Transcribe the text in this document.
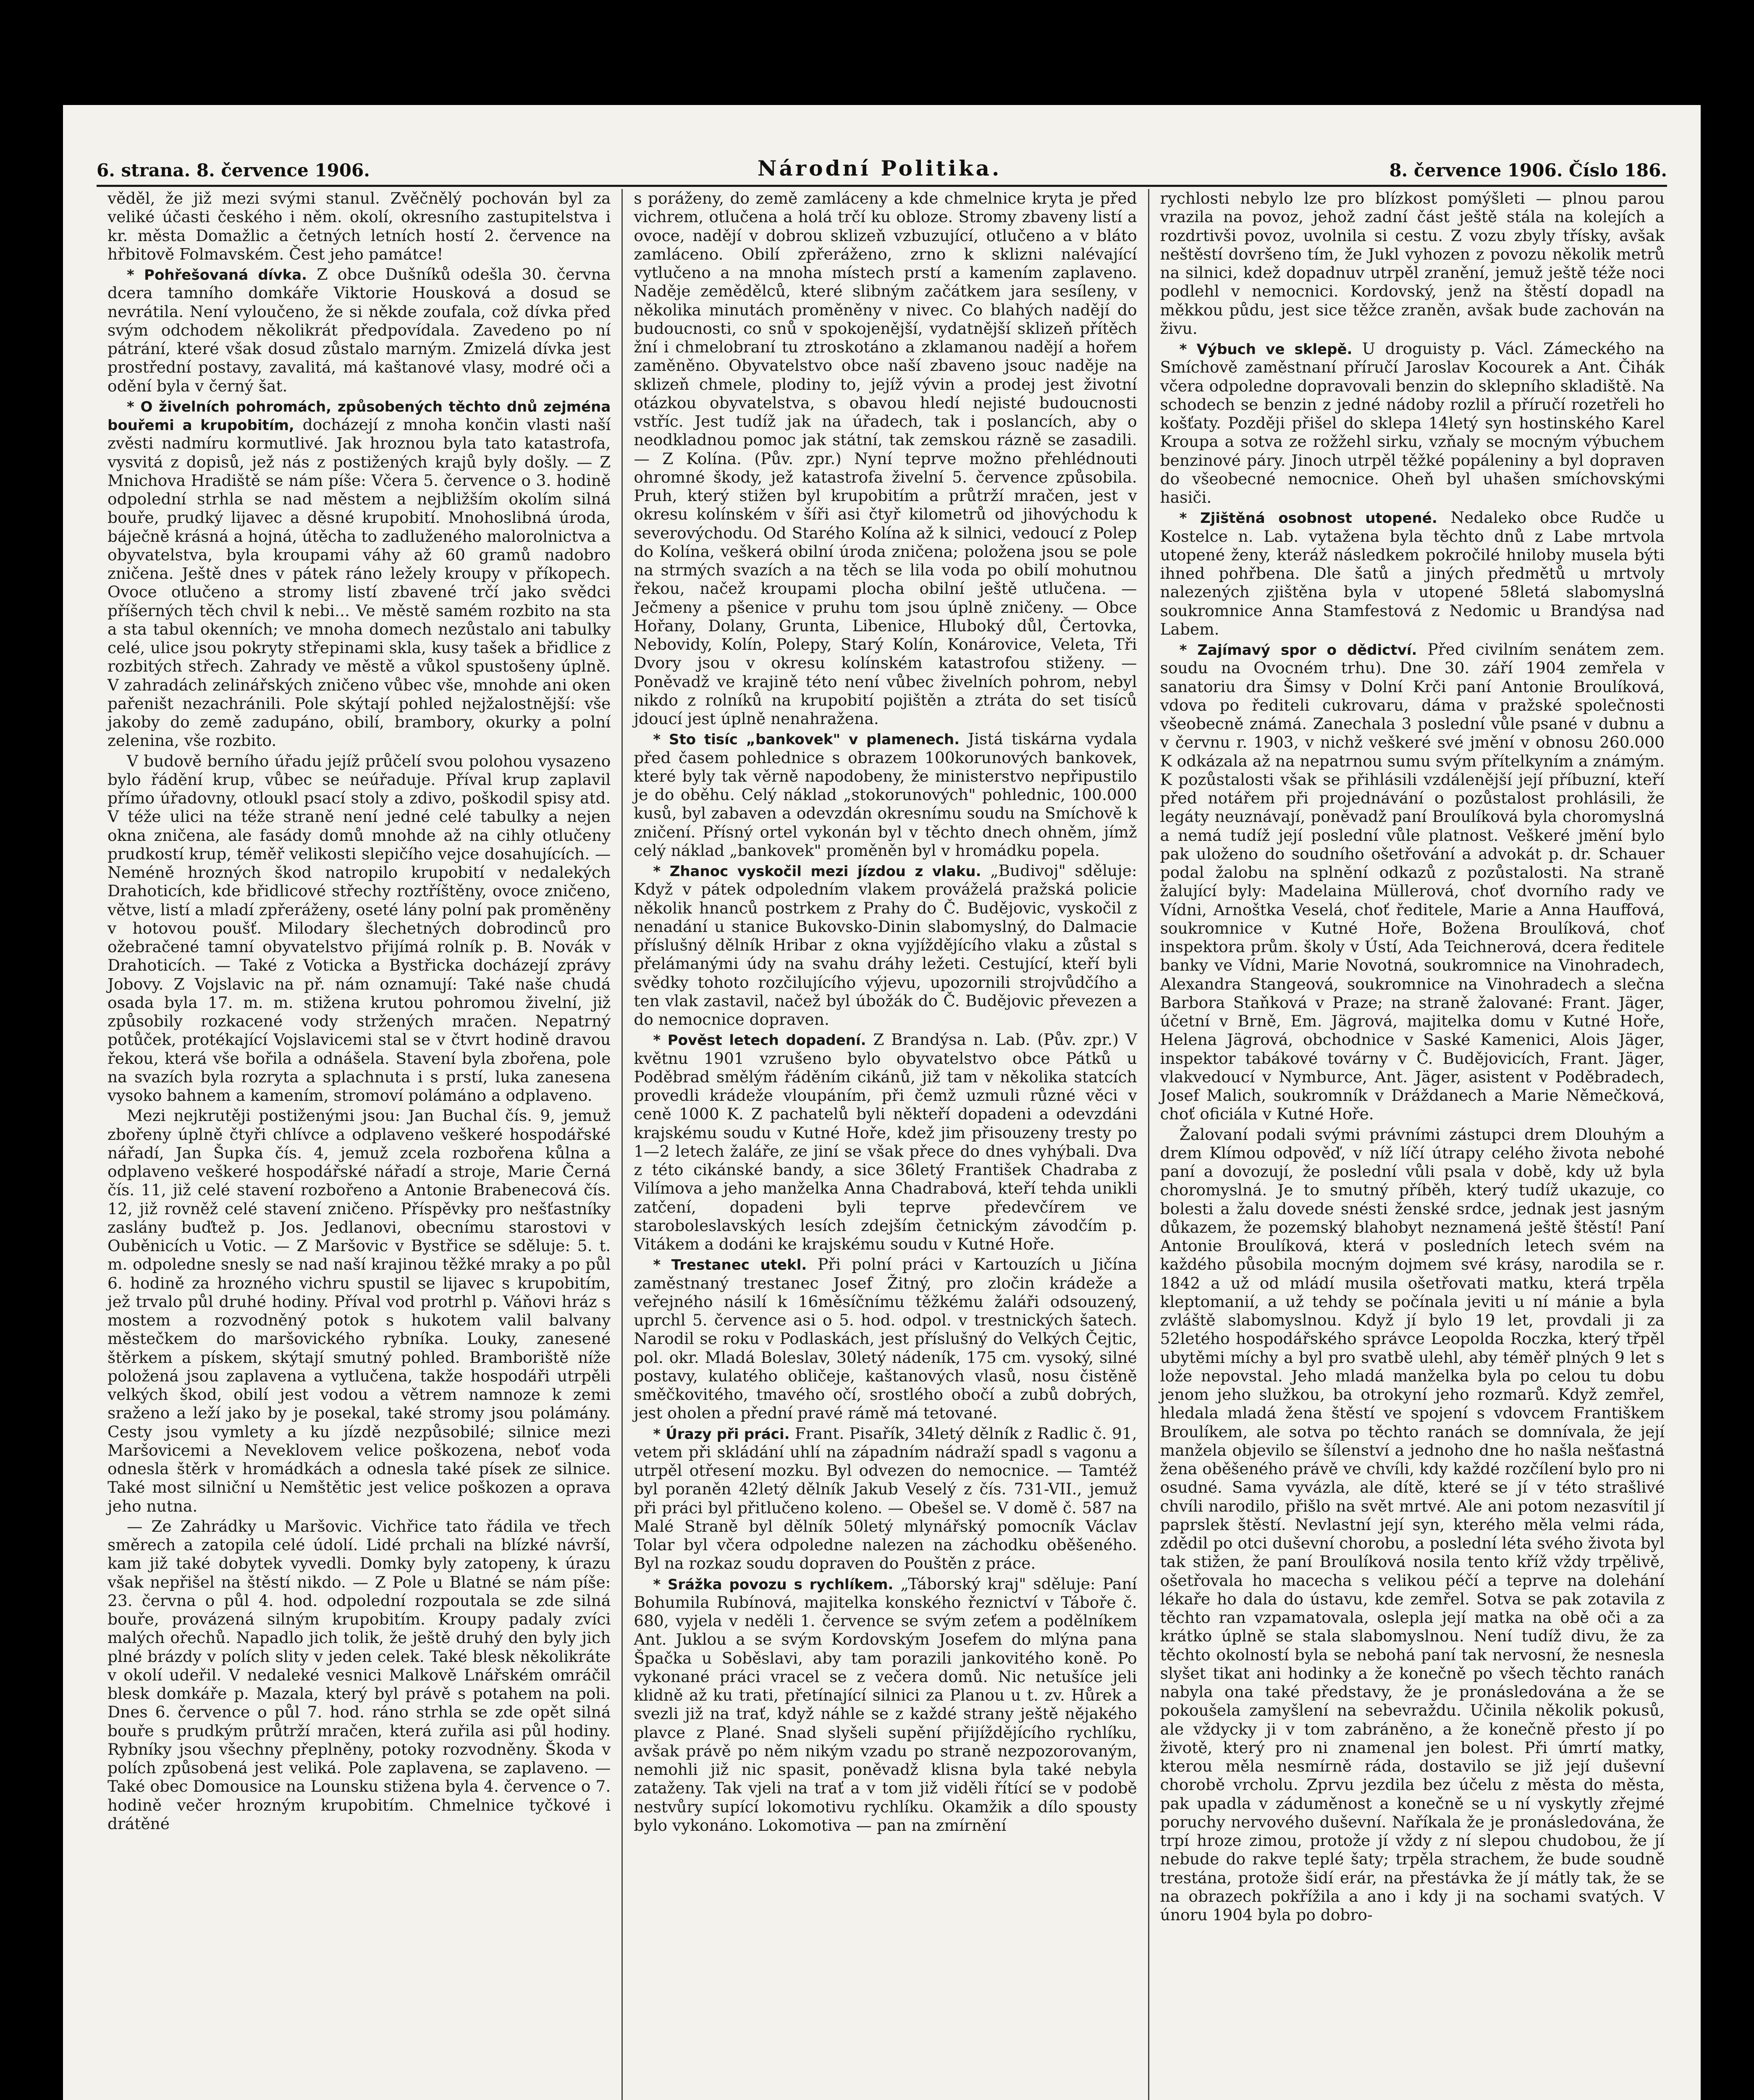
6. strana. 8. července 1906.	Národní Politika.	8. července 1906. Číslo 186.

věděl, že již mezi svými stanul. Zvěčnělý pochován byl za veliké účasti českého i něm. okolí, okresního zastupitelstva i kr. města Domažlic a četných letních hostí 2. července na hřbitově Folmavském. Čest jeho památce!

* Pohřešovaná dívka. Z obce Dušníků odešla 30. června dcera tamního domkáře Viktorie Housková a dosud se nevrátila. Není vyloučeno, že si někde zoufala, což dívka před svým odchodem několikrát předpovídala. Zavedeno po ní pátrání, které však dosud zůstalo marným. Zmizelá dívka jest prostřední postavy, zavalitá, má kaštanové vlasy, modré oči a odění byla v černý šat.

* O živelních pohromách, způsobených těchto dnů zejména bouřemi a krupobitím, docházejí z mnoha končin vlasti naší zvěsti nadmíru kormutlivé. Jak hroznou byla tato katastrofa, vysvitá z dopisů, jež nás z postižených krajů byly došly. — Z Mnichova Hradiště se nám píše: Včera 5. července o 3. hodině odpolední strhla se nad městem a nejbližším okolím silná bouře, prudký lijavec a děsné krupobití. Mnohoslibná úroda, báječně krásná a hojná, útěcha to zadluženého malorolnictva a obyvatelstva, byla kroupami váhy až 60 gramů nadobro zničena. Ještě dnes v pátek ráno ležely kroupy v příkopech. Ovoce otlučeno a stromy listí zbavené trčí jako svědci příšerných těch chvil k nebi... Ve městě samém rozbito na sta a sta tabul okenních; ve mnoha domech nezůstalo ani tabulky celé, ulice jsou pokryty střepinami skla, kusy tašek a břidlice z rozbitých střech. Zahrady ve městě a vůkol spustošeny úplně. V zahradách zelinářských zničeno vůbec vše, mnohde ani oken pařeništ nezachránili. Pole skýtají pohled nejžalostnější: vše jakoby do země zadupáno, obilí, brambory, okurky a polní zelenina, vše rozbito.

V budově berního úřadu jejíž průčelí svou polohou vysazeno bylo řádění krup, vůbec se neúřaduje. Příval krup zaplavil přímo úřadovny, otloukl psací stoly a zdivo, poškodil spisy atd. V téže ulici na téže straně není jedné celé tabulky a nejen okna zničena, ale fasády domů mnohde až na cihly otlučeny prudkostí krup, téměř velikosti slepičího vejce dosahujících. — Neméně hrozných škod natropilo krupobití v nedalekých Drahoticích, kde břidlicové střechy roztříštěny, ovoce zničeno, větve, listí a mladí zpřeráženy, oseté lány polní pak proměněny v hotovou poušť. Milodary šlechetných dobrodinců pro ožebračené tamní obyvatelstvo přijímá rolník p. B. Novák v Drahoticích. — Také z Voticka a Bystřicka docházejí zprávy Jobovy. Z Vojslavic na př. nám oznamují: Také naše chudá osada byla 17. m. m. stižena krutou pohromou živelní, již způsobily rozkacené vody stržených mračen. Nepatrný potůček, protékající Vojslavicemi stal se v čtvrt hodině dravou řekou, která vše bořila a odnášela. Stavení byla zbořena, pole na svazích byla rozryta a splachnuta i s prstí, luka zanesena vysoko bahnem a kamením, stromoví polámáno a odplaveno.

Mezi nejkrutěji postiženými jsou: Jan Buchal čís. 9, jemuž zbořeny úplně čtyři chlívce a odplaveno veškeré hospodářské nářadí, Jan Šupka čís. 4, jemuž zcela rozbořena kůlna a odplaveno veškeré hospodářské nářadí a stroje, Marie Černá čís. 11, již celé stavení rozbořeno a Antonie Brabenecová čís. 12, již rovněž celé stavení zničeno. Příspěvky pro nešťastníky zaslány buďtež p. Jos. Jedlanovi, obecnímu starostovi v Ouběnicích u Votic. — Z Maršovic v Bystřice se sděluje: 5. t. m. odpoledne snesly se nad naší krajinou těžké mraky a po půl 6. hodině za hrozného vichru spustil se lijavec s krupobitím, jež trvalo půl druhé hodiny. Příval vod protrhl p. Váňovi hráz s mostem a rozvodněný potok s hukotem valil balvany městečkem do maršovického rybníka. Louky, zanesené štěrkem a pískem, skýtají smutný pohled. Bramboriště níže položená jsou zaplavena a vytlučena, takže hospodáři utrpěli velkých škod, obilí jest vodou a větrem namnoze k zemi sraženo a leží jako by je posekal, také stromy jsou polámány. Cesty jsou vymlety a ku jízdě nezpůsobilé; silnice mezi Maršovicemi a Neveklovem velice poškozena, neboť voda odnesla štěrk v hromádkách a odnesla také písek ze silnice. Také most silniční u Nemštětic jest velice poškozen a oprava jeho nutna.

— Ze Zahrádky u Maršovic. Vichřice tato řádila ve třech směrech a zatopila celé údolí. Lidé prchali na blízké návrší, kam již také dobytek vyvedli. Domky byly zatopeny, k úrazu však nepřišel na štěstí nikdo. — Z Pole u Blatné se nám píše: 23. června o půl 4. hod. odpolední rozpoutala se zde silná bouře, provázená silným krupobitím. Kroupy padaly zvíci malých ořechů. Napadlo jich tolik, že ještě druhý den byly jich plné brázdy v polích slity v jeden celek. Také blesk několikráte v okolí udeřil. V nedaleké vesnici Malkově Lnářském omráčil blesk domkáře p. Mazala, který byl právě s potahem na poli. Dnes 6. července o půl 7. hod. ráno strhla se zde opět silná bouře s prudkým průtrží mračen, která zuřila asi půl hodiny. Rybníky jsou všechny přeplněny, potoky rozvodněny. Škoda v polích způsobená jest veliká. Pole zaplavena, se zaplaveno. — Také obec Domousice na Lounsku stižena byla 4. července o 7. hodině večer hrozným krupobitím. Chmelnice tyčkové i drátěné

s poráženy, do země zamláceny a kde chmelnice kryta je před vichrem, otlučena a holá trčí ku obloze. Stromy zbaveny listí a ovoce, nadějí v dobrou sklizeň vzbuzující, otlučeno a v bláto zamláceno. Obilí zpřeráženo, zrno k sklizni nalévající vytlučeno a na mnoha místech prstí a kamením zaplaveno. Naděje zemědělců, které slibným začátkem jara sesíleny, v několika minutách proměněny v nivec. Co blahých nadějí do budoucnosti, co snů v spokojenější, vydatnější sklizeň přítěch žní i chmelobraní tu ztroskotáno a zklamanou nadějí a hořem zaměněno. Obyvatelstvo obce naší zbaveno jsouc naděje na sklizeň chmele, plodiny to, jejíž vývin a prodej jest životní otázkou obyvatelstva, s obavou hledí nejisté budoucnosti vstříc. Jest tudíž jak na úřadech, tak i poslancích, aby o neodkladnou pomoc jak státní, tak zemskou rázně se zasadili. — Z Kolína. (Pův. zpr.) Nyní teprve možno přehlédnouti ohromné škody, jež katastrofa živelní 5. července způsobila. Pruh, který stižen byl krupobitím a průtrží mračen, jest v okresu kolínském v šíři asi čtyř kilometrů od jihovýchodu k severovýchodu. Od Starého Kolína až k silnici, vedoucí z Polep do Kolína, veškerá obilní úroda zničena; položena jsou se pole na strmých svazích a na těch se lila voda po obilí mohutnou řekou, načež kroupami plocha obilní ještě utlučena. — Ječmeny a pšenice v pruhu tom jsou úplně zničeny. — Obce Hořany, Dolany, Grunta, Libenice, Hluboký důl, Čertovka, Nebovidy, Kolín, Polepy, Starý Kolín, Konárovice, Veleta, Tři Dvory jsou v okresu kolínském katastrofou stiženy. — Poněvadž ve krajině této není vůbec živelních pohrom, nebyl nikdo z rolníků na krupobití pojištěn a ztráta do set tisíců jdoucí jest úplně nenahražena.

* Sto tisíc „bankovek" v plamenech. Jistá tiskárna vydala před časem pohlednice s obrazem 100korunových bankovek, které byly tak věrně napodobeny, že ministerstvo nepřipustilo je do oběhu. Celý náklad „stokorunových" pohlednic, 100.000 kusů, byl zabaven a odevzdán okresnímu soudu na Smíchově k zničení. Přísný ortel vykonán byl v těchto dnech ohněm, jímž celý náklad „bankovek" proměněn byl v hromádku popela.

* Zhanoc vyskočil mezi jízdou z vlaku. „Budivoj" sděluje: Když v pátek odpoledním vlakem prováželá pražská policie několik hnanců postrkem z Prahy do Č. Budějovic, vyskočil z nenadání u stanice Bukovsko-Dinin slabomyslný, do Dalmacie příslušný dělník Hribar z okna vyjíždějícího vlaku a zůstal s přelámanými údy na svahu dráhy ležeti. Cestující, kteří byli svědky tohoto rozčilujícího výjevu, upozornili strojvůdčího a ten vlak zastavil, načež byl úbožák do Č. Budějovic převezen a do nemocnice dopraven.

* Pověst letech dopadení. Z Brandýsa n. Lab. (Pův. zpr.) V květnu 1901 vzrušeno bylo obyvatelstvo obce Pátků u Poděbrad smělým řáděním cikánů, již tam v několika statcích provedli krádeže vloupáním, při čemž uzmuli různé věci v ceně 1000 K. Z pachatelů byli někteří dopadeni a odevzdáni krajskému soudu v Kutné Hoře, kdež jim přisouzeny tresty po 1—2 letech žaláře, ze jiní se však přece do dnes vyhýbali. Dva z této cikánské bandy, a sice 36letý František Chadraba z Vilímova a jeho manželka Anna Chadrabová, kteří tehda unikli zatčení, dopadeni byli teprve předevčírem ve staroboleslavských lesích zdejším četnickým závodčím p. Vitákem a dodáni ke krajskému soudu v Kutné Hoře.

* Trestanec utekl. Při polní práci v Kartouzích u Jičína zaměstnaný trestanec Josef Žitný, pro zločin krádeže a veřejného násilí k 16měsíčnímu těžkému žaláři odsouzený, uprchl 5. července asi o 5. hod. odpol. v trestnických šatech. Narodil se roku v Podlaskách, jest příslušný do Velkých Čejtic, pol. okr. Mladá Boleslav, 30letý nádeník, 175 cm. vysoký, silné postavy, kulatého obličeje, kaštanových vlasů, nosu čistěně směčkovitého, tmavého očí, srostlého obočí a zubů dobrých, jest oholen a přední pravé rámě má tetované.

* Úrazy při práci. Frant. Pisařík, 34letý dělník z Radlic č. 91, vetem při skládání uhlí na západním nádraží spadl s vagonu a utrpěl otřesení mozku. Byl odvezen do nemocnice. — Tamtéž byl poraněn 42letý dělník Jakub Veselý z čís. 731-VII., jemuž při práci byl přitlučeno koleno. — Obešel se. V domě č. 587 na Malé Straně byl dělník 50letý mlynářský pomocník Václav Tolar byl včera odpoledne nalezen na záchodku oběšeného. Byl na rozkaz soudu dopraven do Pouštěn z práce.

* Srážka povozu s rychlíkem. „Táborský kraj" sděluje: Paní Bohumila Rubínová, majitelka konského řeznictví v Táboře č. 680, vyjela v neděli 1. července se svým zeťem a podělníkem Ant. Juklou a se svým Kordovským Josefem do mlýna pana Špačka u Soběslavi, aby tam porazili jankovitého koně. Po vykonané práci vracel se z večera domů. Nic netušíce jeli klidně až ku trati, přetínající silnici za Planou u t. zv. Hůrek a svezli již na trať, když náhle se z každé strany ještě nějakého plavce z Plané. Snad slyšeli supění přijíždějícího rychlíku, avšak právě po něm nikým vzadu po straně nezpozorovaným, nemohli již nic spasit, poněvadž klisna byla také nebyla zataženy. Tak vjeli na trať a v tom již viděli řítící se v podobě nestvůry supící lokomotivu rychlíku. Okamžik a dílo spousty bylo vykonáno. Lokomotiva — pan na zmírnění

rychlosti nebylo lze pro blízkost pomýšleti — plnou parou vrazila na povoz, jehož zadní část ještě stála na kolejích a rozdrtivši povoz, uvolnila si cestu. Z vozu zbyly třísky, avšak neštěstí dovršeno tím, že Jukl vyhozen z povozu několik metrů na silnici, kdež dopadnuv utrpěl zranění, jemuž ještě téže noci podlehl v nemocnici. Kordovský, jenž na štěstí dopadl na měkkou půdu, jest sice těžce zraněn, avšak bude zachován na živu.

* Výbuch ve sklepě. U droguisty p. Václ. Zámeckého na Smíchově zaměstnaní příručí Jaroslav Kocourek a Ant. Čihák včera odpoledne dopravovali benzin do sklepního skladiště. Na schodech se benzin z jedné nádoby rozlil a příručí rozetřeli ho košťaty. Později přišel do sklepa 14letý syn hostinského Karel Kroupa a sotva ze rožžehl sirku, vzňaly se mocným výbuchem benzinové páry. Jinoch utrpěl těžké popáleniny a byl dopraven do všeobecné nemocnice. Oheň byl uhašen smíchovskými hasiči.

* Zjištěná osobnost utopené. Nedaleko obce Rudče u Kostelce n. Lab. vytažena byla těchto dnů z Labe mrtvola utopené ženy, kteráž následkem pokročilé hniloby musela býti ihned pohřbena. Dle šatů a jiných předmětů u mrtvoly nalezených zjištěna byla v utopené 58letá slabomyslná soukromnice Anna Stamfestová z Nedomic u Brandýsa nad Labem.

* Zajímavý spor o dědictví. Před civilním senátem zem. soudu na Ovocném trhu). Dne 30. září 1904 zemřela v sanatoriu dra Šimsy v Dolní Krči paní Antonie Broulíková, vdova po řediteli cukrovaru, dáma v pražské společnosti všeobecně známá. Zanechala 3 poslední vůle psané v dubnu a v červnu r. 1903, v nichž veškeré své jmění v obnosu 260.000 K odkázala až na nepatrnou sumu svým přítelkyním a známým. K pozůstalosti však se přihlásili vzdálenější její příbuzní, kteří před notářem při projednávání o pozůstalost prohlásili, že legáty neuznávají, poněvadž paní Broulíková byla choromyslná a nemá tudíž její poslední vůle platnost. Veškeré jmění bylo pak uloženo do soudního ošetřování a advokát p. dr. Schauer podal žalobu na splnění odkazů z pozůstalosti. Na straně žalující byly: Madelaina Müllerová, choť dvorního rady ve Vídni, Arnoštka Veselá, choť ředitele, Marie a Anna Hauffová, soukromnice v Kutné Hoře, Božena Broulíková, choť inspektora prům. školy v Ústí, Ada Teichnerová, dcera ředitele banky ve Vídni, Marie Novotná, soukromnice na Vinohradech, Alexandra Stangeová, soukromnice na Vinohradech a slečna Barbora Staňková v Praze; na straně žalované: Frant. Jäger, účetní v Brně, Em. Jägrová, majitelka domu v Kutné Hoře, Helena Jägrová, obchodnice v Saské Kamenici, Alois Jäger, inspektor tabákové továrny v Č. Budějovicích, Frant. Jäger, vlakvedoucí v Nymburce, Ant. Jäger, asistent v Poděbradech, Josef Malich, soukromník v Dráždanech a Marie Němečková, choť oficiála v Kutné Hoře.

Žalovaní podali svými právními zástupci drem Dlouhým a drem Klímou odpověď, v níž líčí útrapy celého života nebohé paní a dovozují, že poslední vůli psala v době, kdy už byla choromyslná. Je to smutný příběh, který tudíž ukazuje, co bolesti a žalu dovede snésti ženské srdce, jednak jest jasným důkazem, že pozemský blahobyt neznamená ještě štěstí! Paní Antonie Broulíková, která v posledních letech svém na každého působila mocným dojmem své krásy, narodila se r. 1842 a už od mládí musila ošetřovati matku, která trpěla kleptomanií, a už tehdy se počínala jeviti u ní mánie a byla zvláště slabomyslnou. Když jí bylo 19 let, provdali ji za 52letého hospodářského správce Leopolda Roczka, který třpěl ubytěmi míchy a byl pro svatbě ulehl, aby téměř plných 9 let s lože nepovstal. Jeho mladá manželka byla po celou tu dobu jenom jeho služkou, ba otrokyní jeho rozmarů. Když zemřel, hledala mladá žena štěstí ve spojení s vdovcem Františkem Broulíkem, ale sotva po těchto ranách se domnívala, že její manžela objevilo se šílenství a jednoho dne ho našla nešťastná žena oběšeného právě ve chvíli, kdy každé rozčílení bylo pro ni osudné. Sama vyvázla, ale dítě, které se jí v této strašlivé chvíli narodilo, přišlo na svět mrtvé. Ale ani potom nezasvítil jí paprslek štěstí. Nevlastní její syn, kterého měla velmi ráda, zdědil po otci duševní chorobu, a poslední léta svého života byl tak stižen, že paní Broulíková nosila tento kříž vždy trpělivě, ošetřovala ho macecha s velikou péčí a teprve na dolehání lékaře ho dala do ústavu, kde zemřel. Sotva se pak zotavila z těchto ran vzpamatovala, oslepla její matka na obě oči a za krátko úplně se stala slabomyslnou. Není tudíž divu, že za těchto okolností byla se nebohá paní tak nervosní, že nesnesla slyšet tikat ani hodinky a že konečně po všech těchto ranách nabyla ona také představy, že je pronásledována a že se pokoušela zamyšlení na sebevraždu. Učinila několik pokusů, ale vždycky ji v tom zabráněno, a že konečně přesto jí po životě, který pro ni znamenal jen bolest. Při úmrtí matky, kterou měla nesmírně ráda, dostavilo se již její duševní chorobě vrcholu. Zprvu jezdila bez účelu z města do města, pak upadla v záduměnost a konečně se u ní vyskytly zřejmé poruchy nervového duševní. Naříkala že je pronásledována, že trpí hroze zimou, protože jí vždy z ní slepou chudobou, že jí nebude do rakve teplé šaty; trpěla strachem, že bude soudně trestána, protože šidí erár, na přestávka že jí mátly tak, že se na obrazech pokřížila a ano i kdy ji na sochami svatých. V únoru 1904 byla po dobro-
